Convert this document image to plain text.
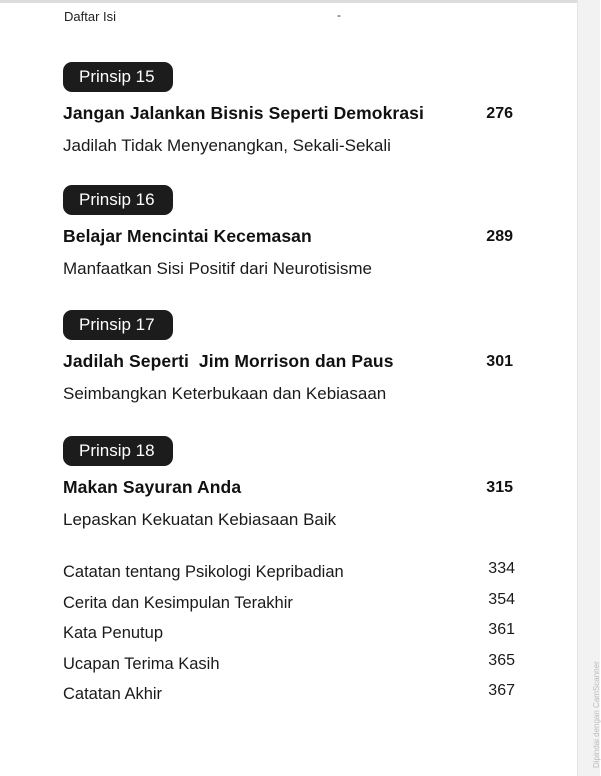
Daftar Isi	-
Prinsip 15
Jangan Jalankan Bisnis Seperti Demokrasi	276
Jadilah Tidak Menyenangkan, Sekali-Sekali
Prinsip 16
Belajar Mencintai Kecemasan	289
Manfaatkan Sisi Positif dari Neurotisisme
Prinsip 17
Jadilah Seperti  Jim Morrison dan Paus	301
Seimbangkan Keterbukaan dan Kebiasaan
Prinsip 18
Makan Sayuran Anda	315
Lepaskan Kekuatan Kebiasaan Baik
Catatan tentang Psikologi Kepribadian	334
Cerita dan Kesimpulan Terakhir	354
Kata Penutup	361
Ucapan Terima Kasih	365
Catatan Akhir	367	Dipindai dengan CamScanner
